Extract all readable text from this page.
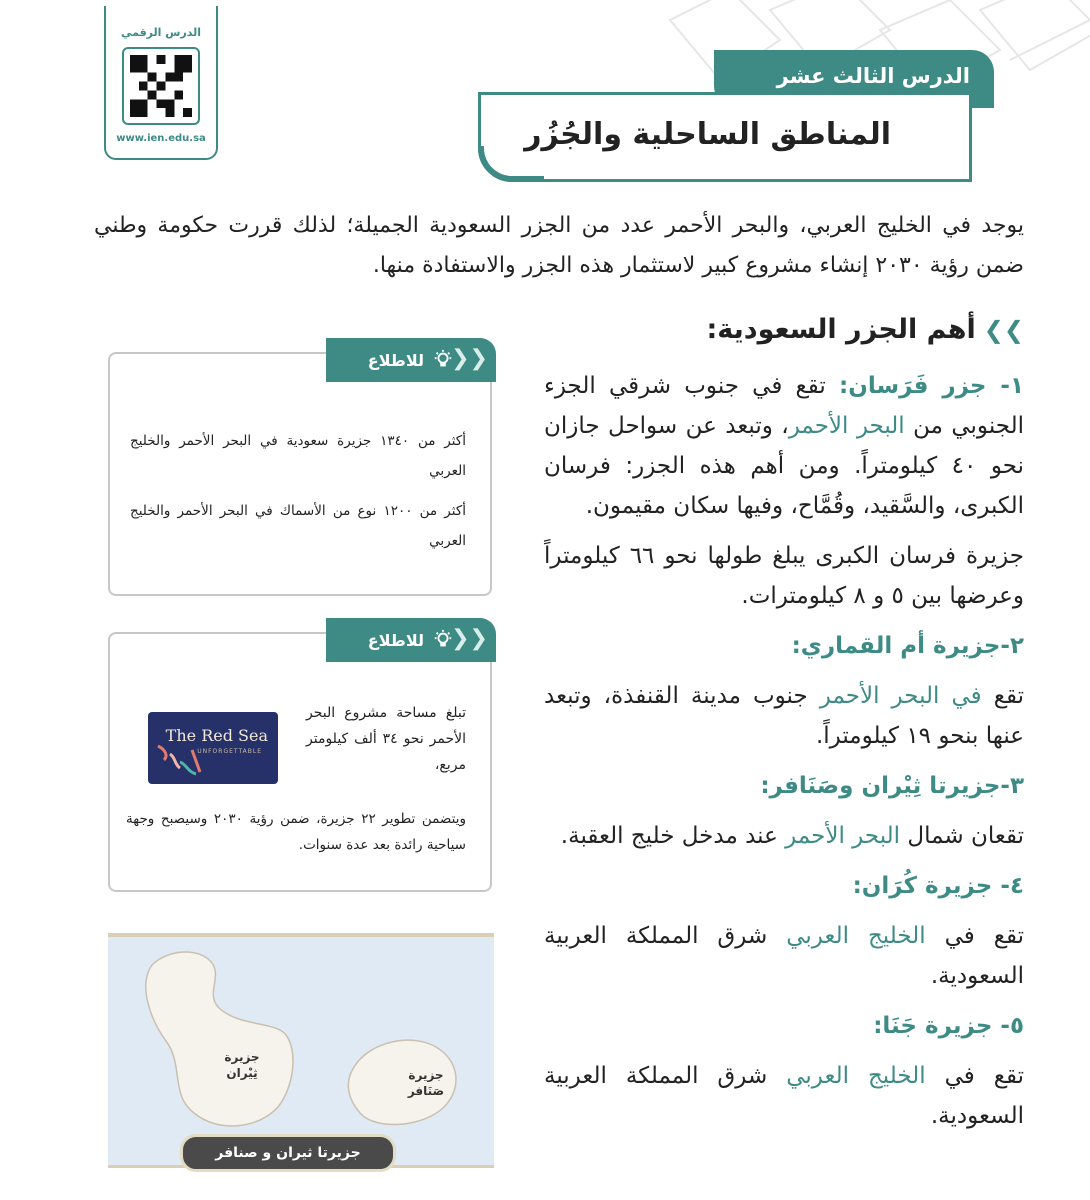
الدرس الرقمي
www.ien.edu.sa
الدرس الثالث عشر
المناطق الساحلية والجُزُر
يوجد في الخليج العربي، والبحر الأحمر عدد من الجزر السعودية الجميلة؛ لذلك قررت حكومة وطني ضمن رؤية ٢٠٣٠ إنشاء مشروع كبير لاستثمار هذه الجزر والاستفادة منها.
❯❯
أهم الجزر السعودية:

١- جزر فَرَسان: تقع في جنوب شرقي الجزء الجنوبي من البحر الأحمر، وتبعد عن سواحل جازان نحو ٤٠ كيلومتراً. ومن أهم هذه الجزر: فرسان الكبرى، والسَّقيد، وقُمَّاح، وفيها سكان مقيمون.

جزيرة فرسان الكبرى يبلغ طولها نحو ٦٦ كيلومتراً وعرضها بين ٥ و ٨ كيلومترات.

٢-جزيرة أم القماري:

تقع في البحر الأحمر جنوب مدينة القنفذة، وتبعد عنها بنحو ١٩ كيلومتراً.

٣-جزيرتا ثِيْران وصَنَافر:

تقعان شمال البحر الأحمر عند مدخل خليج العقبة.

٤- جزيرة كُرَان:

تقع في الخليج العربي شرق المملكة العربية السعودية.

٥- جزيرة جَنَا:

تقع في الخليج العربي شرق المملكة العربية السعودية.

❮❮
للاطلاع

أكثر من ١٣٤٠ جزيرة سعودية في البحر الأحمر والخليج العربي

أكثر من ١٢٠٠ نوع من الأسماك في البحر الأحمر والخليج العربي

❮❮
للاطلاع
تبلغ مساحة مشروع البحر الأحمر نحو ٣٤ ألف كيلومتر مربع،
The Red Sea
UNFORGETTABLE
ويتضمن تطوير ٢٢ جزيرة، ضمن رؤية ٢٠٣٠ وسيصبح وجهة سياحية رائدة بعد عدة سنوات.
جزيرة ثِيْران	جزيرة صَنَافر
جزيرتا ثيران و صنافر
